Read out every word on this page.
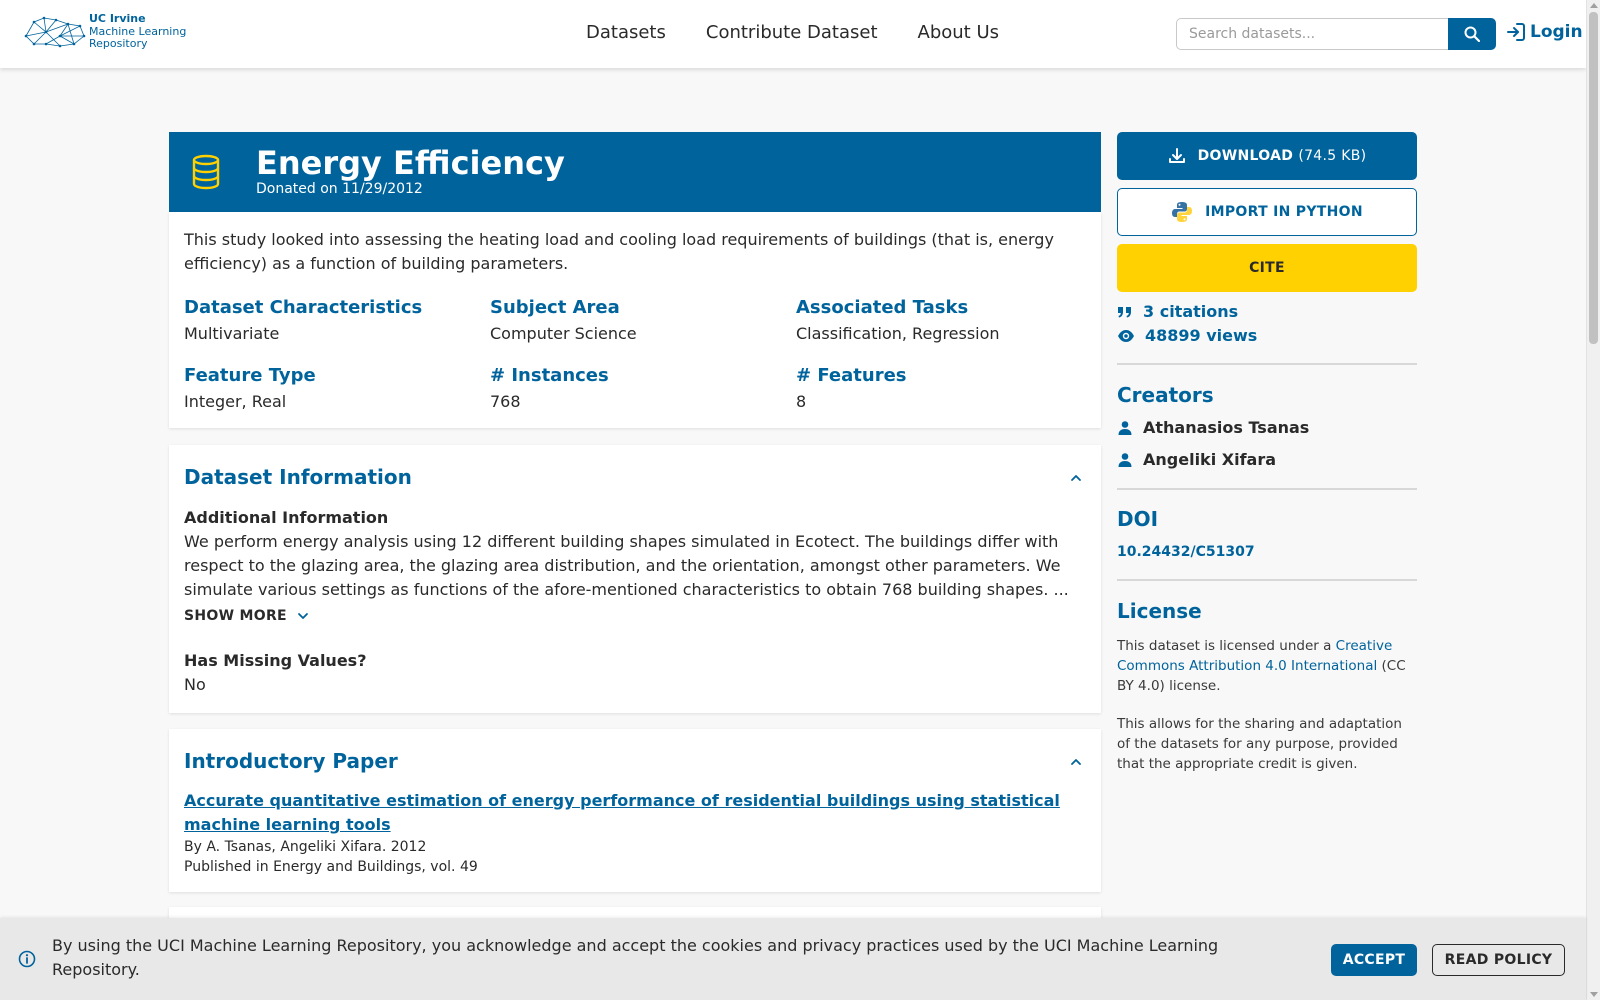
UC Irvine
Machine Learning
Repository
Datasets Contribute Dataset About Us
Search datasets...	Login
Energy Efficiency
Donated on 11/29/2012
This study looked into assessing the heating load and cooling load requirements of buildings (that is, energy efficiency) as a function of building parameters.
Dataset Characteristics
Multivariate
Subject Area
Computer Science
Associated Tasks
Classification, Regression
Feature Type
Integer, Real
# Instances
768
# Features
8
Dataset Information
Additional Information
We perform energy analysis using 12 different building shapes simulated in Ecotect. The buildings differ with respect to the glazing area, the glazing area distribution, and the orientation, amongst other parameters. We simulate various settings as functions of the afore-mentioned characteristics to obtain 768 building shapes. ...
SHOW MORE
Has Missing Values?
No
Introductory Paper
Accurate quantitative estimation of energy performance of residential buildings using statistical machine learning tools
By A. Tsanas, Angeliki Xifara. 2012
Published in Energy and Buildings, vol. 49
DOWNLOAD (74.5 KB)
IMPORT IN PYTHON
CITE
3 citations
48899 views
Creators
Athanasios Tsanas
Angeliki Xifara
DOI
10.24432/C51307
License
This dataset is licensed under a Creative Commons Attribution 4.0 International (CC BY 4.0) license.
This allows for the sharing and adaptation of the datasets for any purpose, provided that the appropriate credit is given.
By using the UCI Machine Learning Repository, you acknowledge and accept the cookies and privacy practices used by the UCI Machine Learning Repository.	ACCEPT	READ POLICY
